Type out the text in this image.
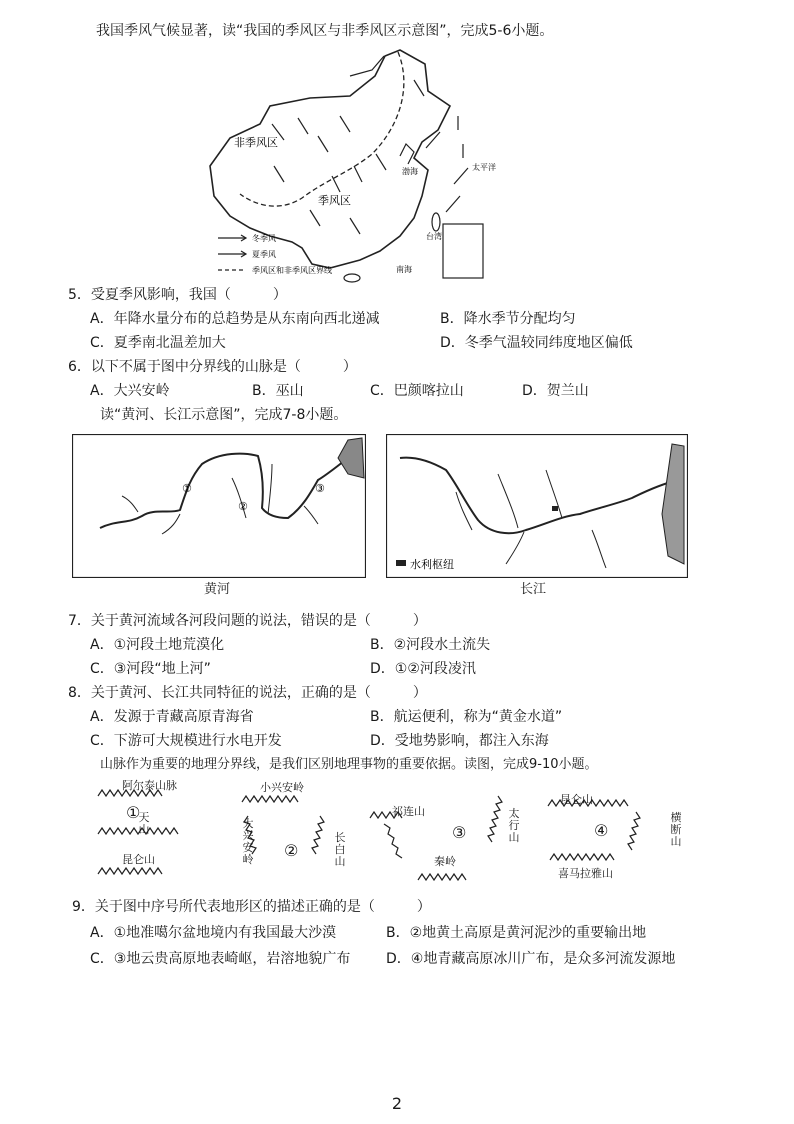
我国季风气候显著，读“我国的季风区与非季风区示意图”，完成5-6小题。
非季风区
季风区
渤海	太平洋
台湾
南海
冬季风
夏季风
季风区和非季风区界线
5．受夏季风影响，我国（　　　）
A．年降水量分布的总趋势是从东南向西北递减	B．降水季节分配均匀
C．夏季南北温差加大	D．冬季气温较同纬度地区偏低
6．以下不属于图中分界线的山脉是（　　　）
A．大兴安岭	B．巫山	C．巴颜喀拉山	D．贺兰山
读“黄河、长江示意图”，完成7-8小题。
①
②
③
黄河
水利枢纽
长江
7．关于黄河流域各河段问题的说法，错误的是（　　　）
A．①河段土地荒漠化	B．②河段水土流失
C．③河段“地上河”	D．①②河段凌汛
8．关于黄河、长江共同特征的说法，正确的是（　　　）
A．发源于青藏高原青海省	B．航运便利，称为“黄金水道”
C．下游可大规模进行水电开发	D．受地势影响，都注入东海
山脉作为重要的地理分界线，是我们区别地理事物的重要依据。读图，完成9-10小题。
阿尔泰山脉
①
天山
昆仑山
小兴安岭
大兴安岭 ②
长白山
祁连山
③
太行山
秦岭
昆仑山
④
横断山
喜马拉雅山
9．关于图中序号所代表地形区的描述正确的是（　　　）
A．①地准噶尔盆地境内有我国最大沙漠	B．②地黄土高原是黄河泥沙的重要输出地
C．③地云贵高原地表崎岖，岩溶地貌广布	D．④地青藏高原冰川广布，是众多河流发源地
2
